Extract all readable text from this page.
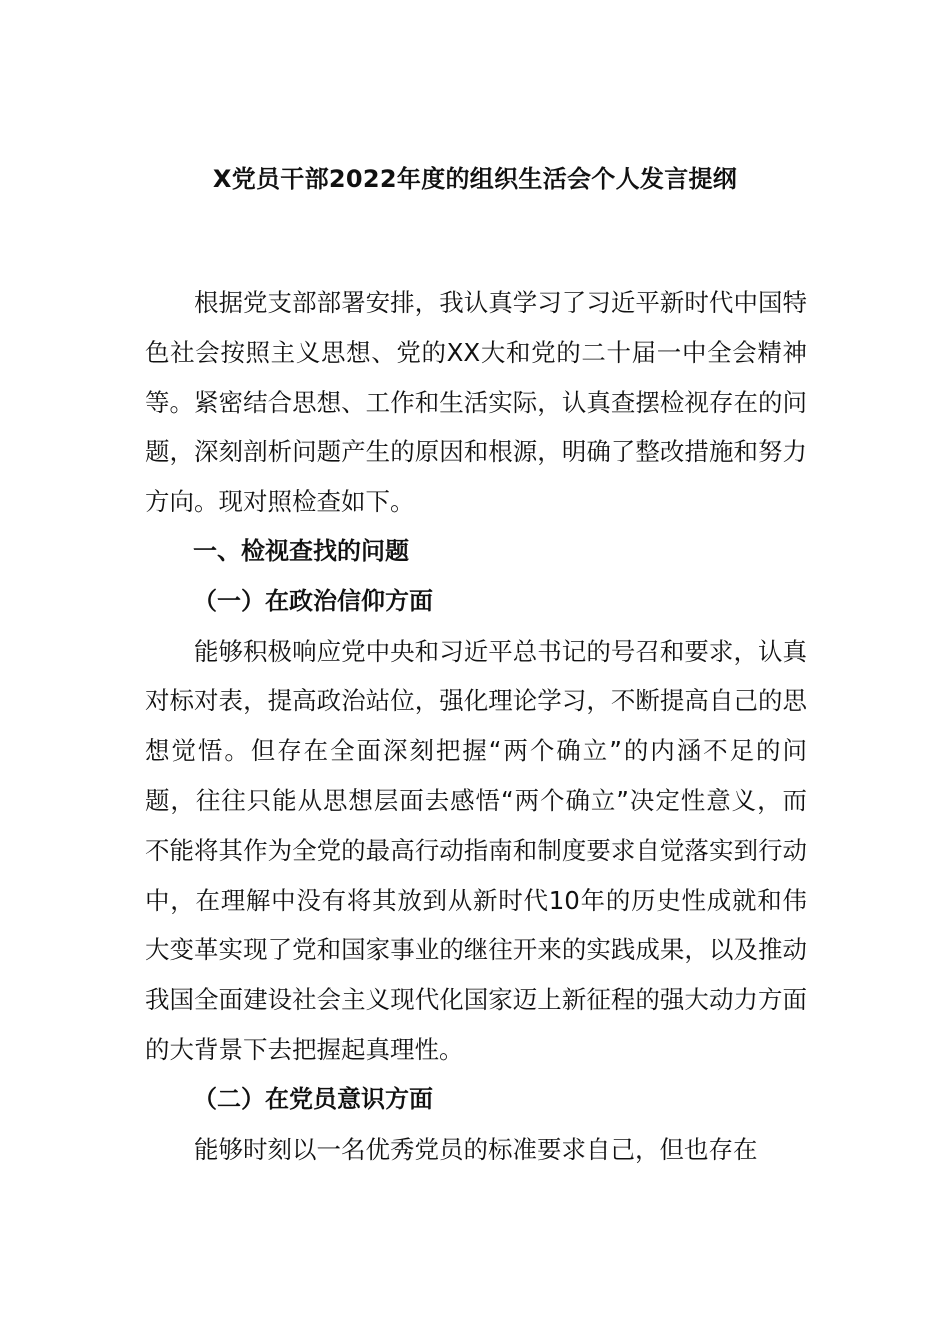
X党员干部2022年度的组织生活会个人发言提纲

根据党支部部署安排，我认真学习了习近平新时代中国特色社会按照主义思想、党的XX大和党的二十届一中全会精神等。紧密结合思想、工作和生活实际，认真查摆检视存在的问题，深刻剖析问题产生的原因和根源，明确了整改措施和努力方向。现对照检查如下。

一、检视查找的问题
（一）在政治信仰方面

能够积极响应党中央和习近平总书记的号召和要求，认真对标对表，提高政治站位，强化理论学习，不断提高自己的思想觉悟。但存在全面深刻把握“两个确立”的内涵不足的问题，往往只能从思想层面去感悟“两个确立”决定性意义，而不能将其作为全党的最高行动指南和制度要求自觉落实到行动中，在理解中没有将其放到从新时代10年的历史性成就和伟大变革实现了党和国家事业的继往开来的实践成果，以及推动我国全面建设社会主义现代化国家迈上新征程的强大动力方面的大背景下去把握起真理性。

（二）在党员意识方面

能够时刻以一名优秀党员的标准要求自己，但也存在
